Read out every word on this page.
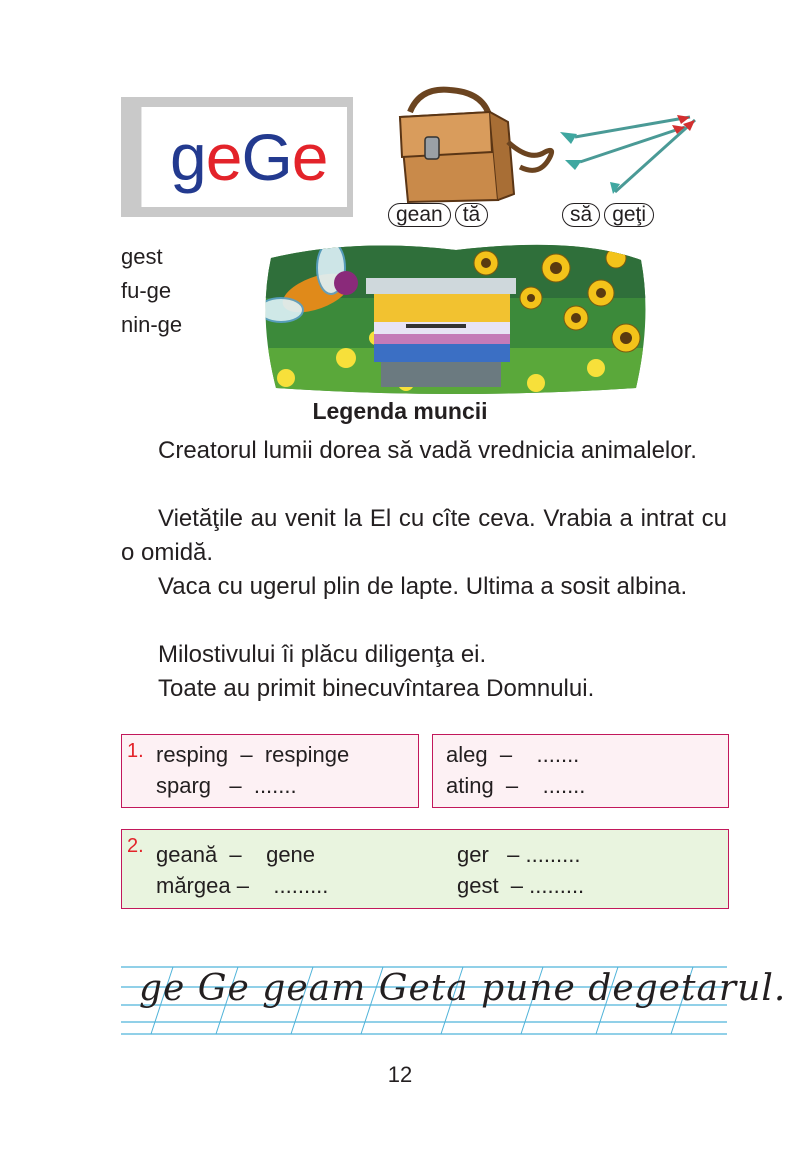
geGe
gean tă	să geţi
gest
fu-ge
nin-ge
Legenda muncii
Creatorul lumii dorea să vadă vrednicia animalelor.
Vietăţile au venit la El cu cîte ceva. Vrabia a intrat cu o omidă.
Vaca cu ugerul plin de lapte. Ultima a sosit albina.
Milostivului îi plăcu diligenţa ei.
Toate au primit binecuvîntarea Domnului.
1. resping  –  respinge
sparg   –  .......
aleg  –    .......
ating  –    .......
2. geană  –    gene
mărgea –    .........
ger   – .........
gest  – .........
ge Ge geam Geta pune degetarul.
12
